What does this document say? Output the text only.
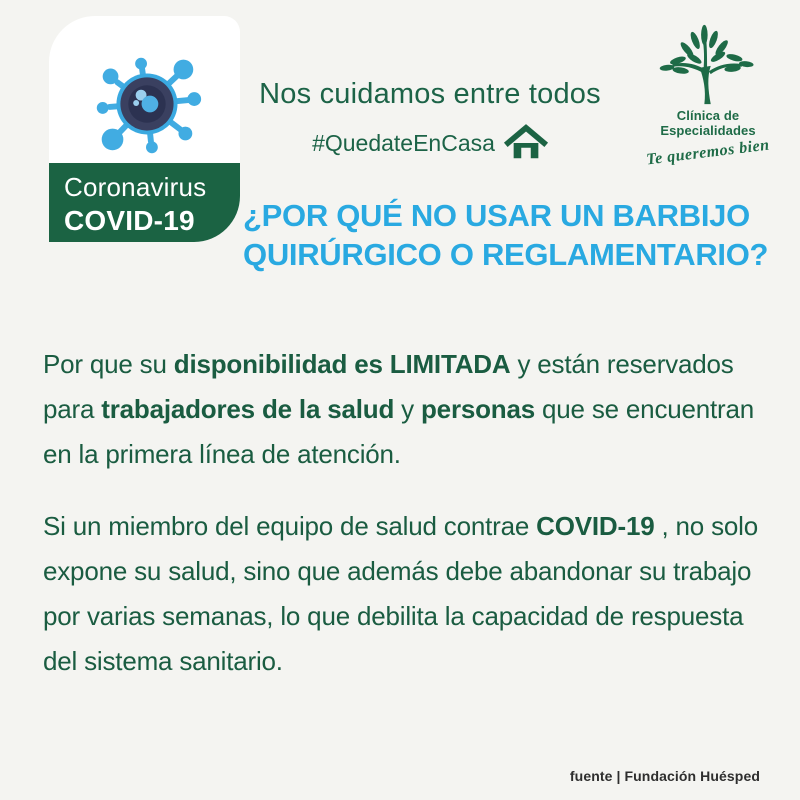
Coronavirus
COVID-19
Nos cuidamos entre todos
#QuedateEnCasa
Clínica de Especialidades
Te queremos bien
¿POR QUÉ NO USAR UN BARBIJO
QUIRÚRGICO O REGLAMENTARIO?
Por que su disponibilidad es LIMITADA y están reservados para trabajadores de la salud y personas que se encuentran en la primera línea de atención.
Si un miembro del equipo de salud contrae COVID-19 , no solo expone su salud, sino que además debe abandonar su trabajo por varias semanas, lo que debilita la capacidad de respuesta del sistema sanitario.
fuente | Fundación Huésped
